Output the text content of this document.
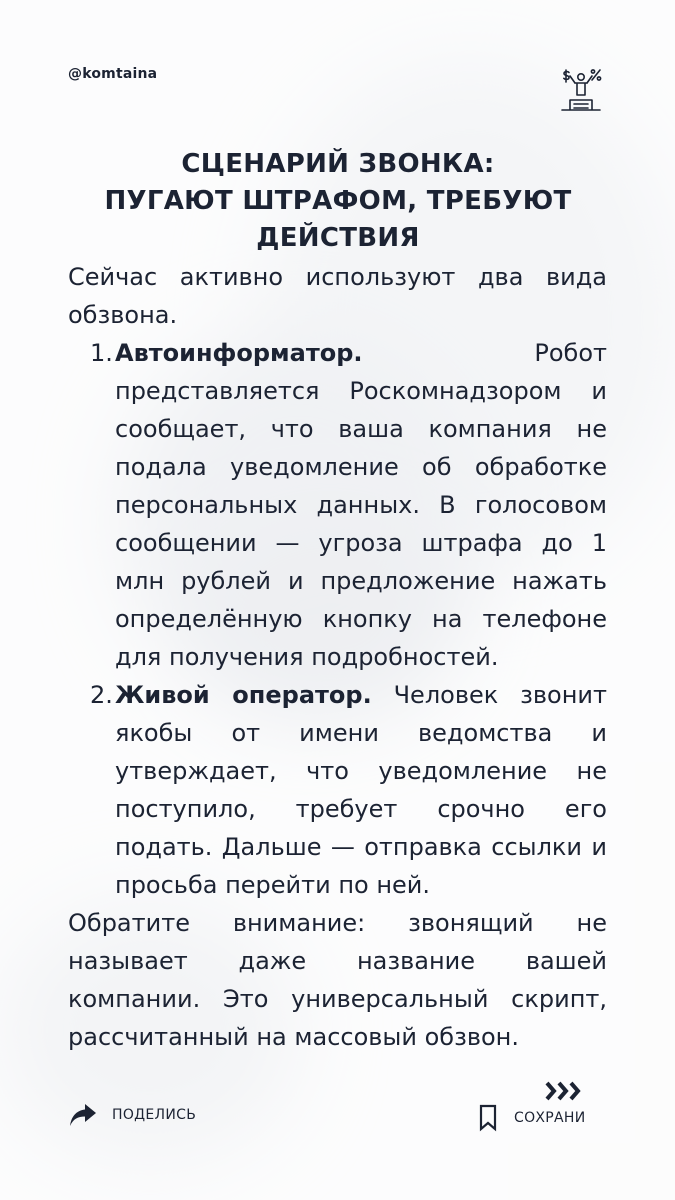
@komtaina
СЦЕНАРИЙ ЗВОНКА:
ПУГАЮТ ШТРАФОМ, ТРЕБУЮТ
ДЕЙСТВИЯ

Сейчас активно используют два вида обзвона.

1. Автоинформатор. Робот представляется Роскомнадзором и сообщает, что ваша компания не подала уведомление об обработке персональных данных. В голосовом сообщении — угроза штрафа до 1 млн рублей и предложение нажать определённую кнопку на телефоне для получения подробностей.
2. Живой оператор. Человек звонит якобы от имени ведомства и утверждает, что уведомление не поступило, требует срочно его подать. Дальше — отправка ссылки и просьба перейти по ней.

Обратите внимание: звонящий не называет даже название вашей компании. Это универсальный скрипт, рассчитанный на массовый обзвон.

ПОДЕЛИСЬ	СОХРАНИ
